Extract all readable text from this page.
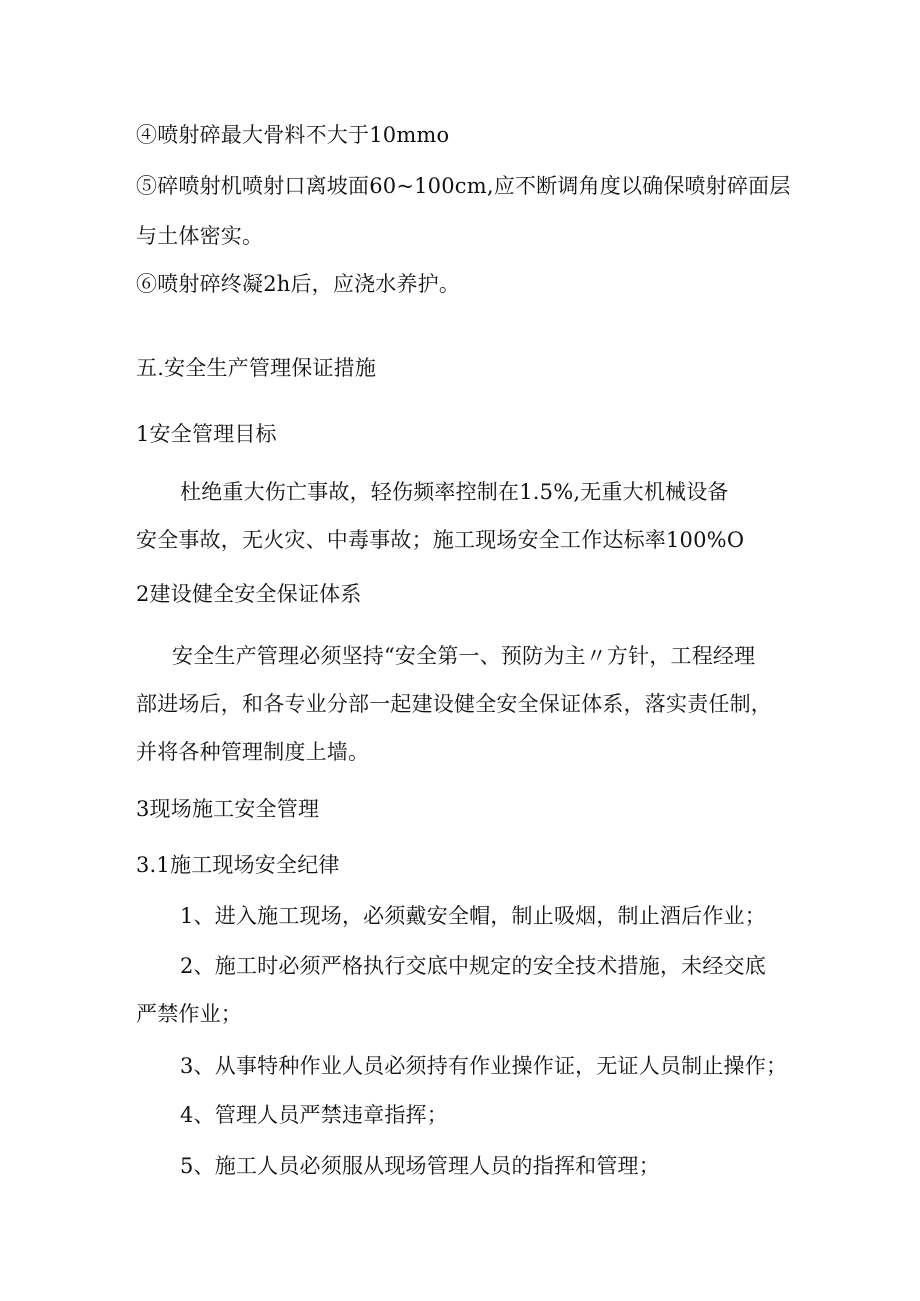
④喷射碎最大骨料不大于10mmo
⑤碎喷射机喷射口离坡面60~100cm,应不断调角度以确保喷射碎面层
与土体密实。
⑥喷射碎终凝2h后，应浇水养护。
五.安全生产管理保证措施
1安全管理目标
杜绝重大伤亡事故，轻伤频率控制在1.5%,无重大机械设备
安全事故，无火灾、中毒事故；施工现场安全工作达标率100%O
2建设健全安全保证体系
安全生产管理必须坚持“安全第一、预防为主〃方针，工程经理
部进场后，和各专业分部一起建设健全安全保证体系，落实责任制，
并将各种管理制度上墙。
3现场施工安全管理
3.1施工现场安全纪律
1、进入施工现场，必须戴安全帽，制止吸烟，制止酒后作业；
2、施工时必须严格执行交底中规定的安全技术措施，未经交底
严禁作业；
3、从事特种作业人员必须持有作业操作证，无证人员制止操作；
4、管理人员严禁违章指挥；
5、施工人员必须服从现场管理人员的指挥和管理；
